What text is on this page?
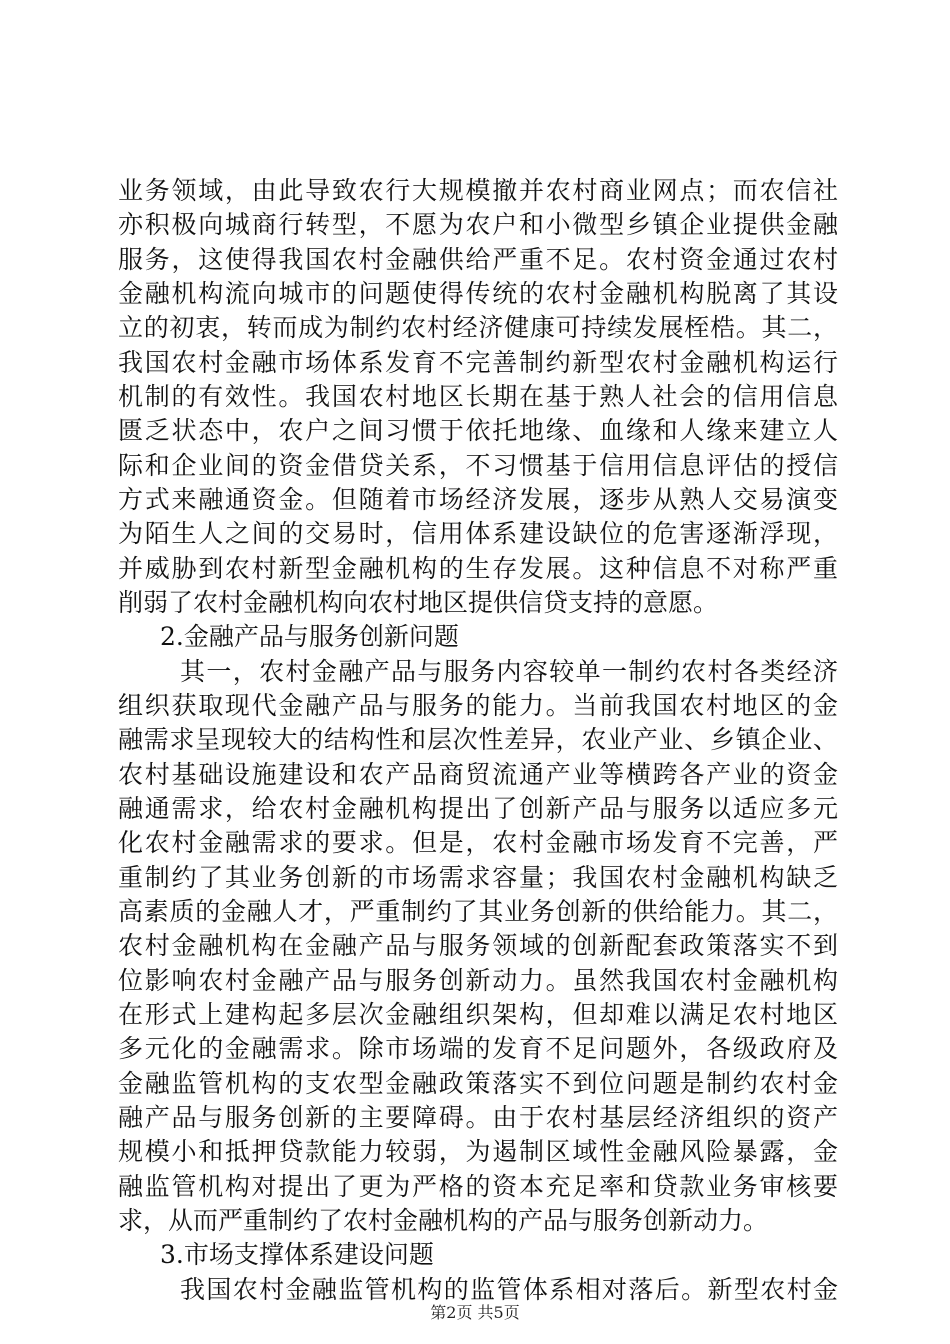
业务领域，由此导致农行大规模撤并农村商业网点；而农信社
亦积极向城商行转型，不愿为农户和小微型乡镇企业提供金融
服务，这使得我国农村金融供给严重不足。农村资金通过农村
金融机构流向城市的问题使得传统的农村金融机构脱离了其设
立的初衷，转而成为制约农村经济健康可持续发展桎梏。其二，
我国农村金融市场体系发育不完善制约新型农村金融机构运行
机制的有效性。我国农村地区长期在基于熟人社会的信用信息
匮乏状态中，农户之间习惯于依托地缘、血缘和人缘来建立人
际和企业间的资金借贷关系，不习惯基于信用信息评估的授信
方式来融通资金。但随着市场经济发展，逐步从熟人交易演变
为陌生人之间的交易时，信用体系建设缺位的危害逐渐浮现，
并威胁到农村新型金融机构的生存发展。这种信息不对称严重
削弱了农村金融机构向农村地区提供信贷支持的意愿。
2.金融产品与服务创新问题
其一，农村金融产品与服务内容较单一制约农村各类经济
组织获取现代金融产品与服务的能力。当前我国农村地区的金
融需求呈现较大的结构性和层次性差异，农业产业、乡镇企业、
农村基础设施建设和农产品商贸流通产业等横跨各产业的资金
融通需求，给农村金融机构提出了创新产品与服务以适应多元
化农村金融需求的要求。但是，农村金融市场发育不完善，严
重制约了其业务创新的市场需求容量；我国农村金融机构缺乏
高素质的金融人才，严重制约了其业务创新的供给能力。其二，
农村金融机构在金融产品与服务领域的创新配套政策落实不到
位影响农村金融产品与服务创新动力。虽然我国农村金融机构
在形式上建构起多层次金融组织架构，但却难以满足农村地区
多元化的金融需求。除市场端的发育不足问题外，各级政府及
金融监管机构的支农型金融政策落实不到位问题是制约农村金
融产品与服务创新的主要障碍。由于农村基层经济组织的资产
规模小和抵押贷款能力较弱，为遏制区域性金融风险暴露，金
融监管机构对提出了更为严格的资本充足率和贷款业务审核要
求，从而严重制约了农村金融机构的产品与服务创新动力。
3.市场支撑体系建设问题
我国农村金融监管机构的监管体系相对落后。新型农村金
第2页 共5页
